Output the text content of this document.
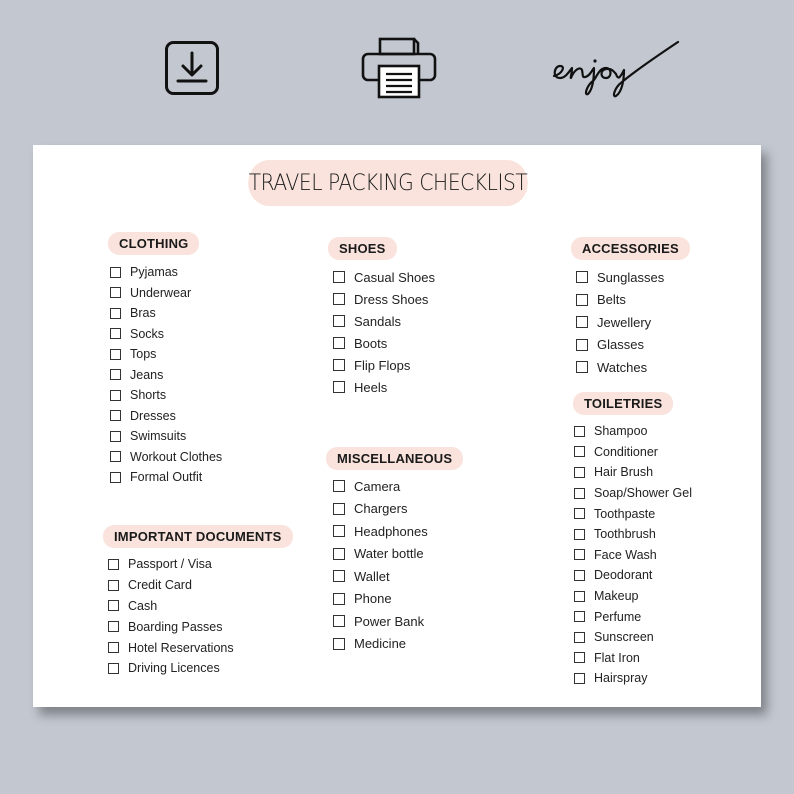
TRAVEL PACKING CHECKLIST
CLOTHING
Pyjamas
Underwear
Bras
Socks
Tops
Jeans
Shorts
Dresses
Swimsuits
Workout Clothes
Formal Outfit
IMPORTANT DOCUMENTS
Passport / Visa
Credit Card
Cash
Boarding Passes
Hotel Reservations
Driving Licences
SHOES
Casual Shoes
Dress Shoes
Sandals
Boots
Flip Flops
Heels
MISCELLANEOUS
Camera
Chargers
Headphones
Water bottle
Wallet
Phone
Power Bank
Medicine
ACCESSORIES
Sunglasses
Belts
Jewellery
Glasses
Watches
TOILETRIES
Shampoo
Conditioner
Hair Brush
Soap/Shower Gel
Toothpaste
Toothbrush
Face Wash
Deodorant
Makeup
Perfume
Sunscreen
Flat Iron
Hairspray
